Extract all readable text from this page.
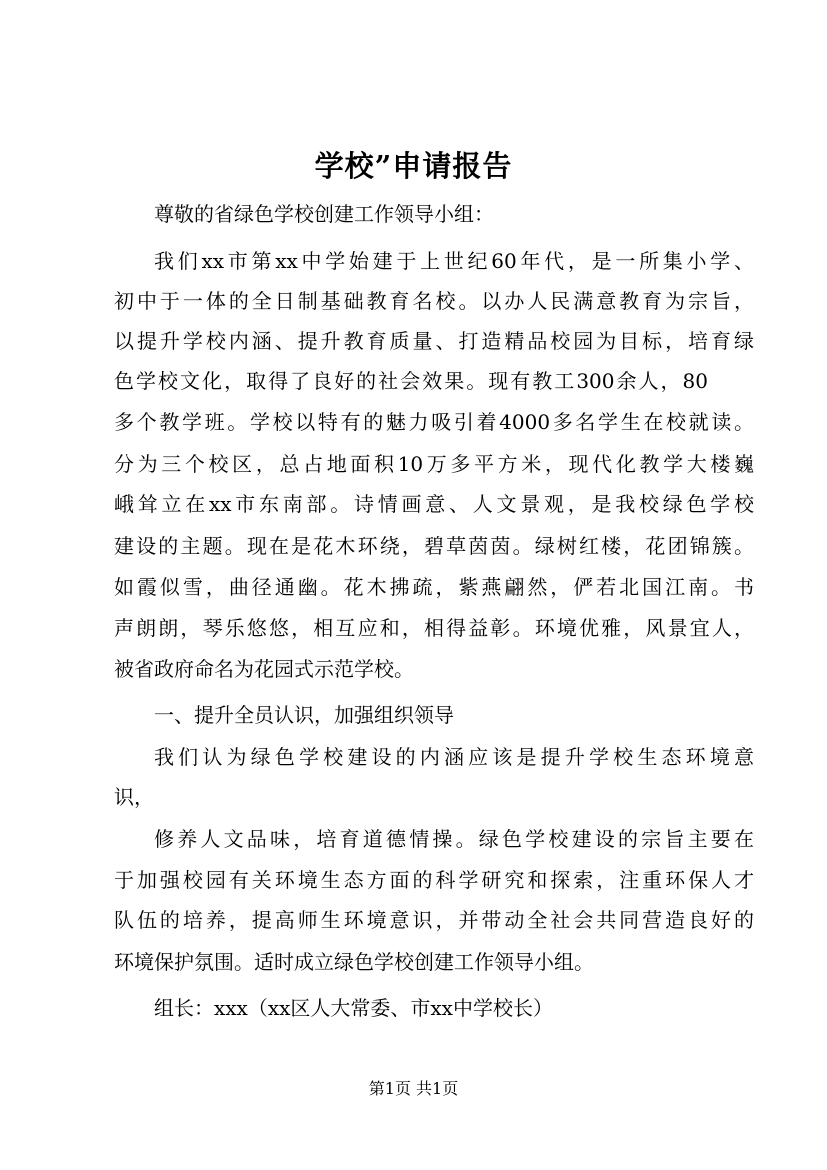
学校”申请报告
尊敬的省绿色学校创建工作领导小组：
我们xx市第xx中学始建于上世纪60年代，是一所集小学、
初中于一体的全日制基础教育名校。以办人民满意教育为宗旨，
以提升学校内涵、提升教育质量、打造精品校园为目标，培育绿
色学校文化，取得了良好的社会效果。现有教工300余人，80
多个教学班。学校以特有的魅力吸引着4000多名学生在校就读。
分为三个校区，总占地面积10万多平方米，现代化教学大楼巍
峨耸立在xx市东南部。诗情画意、人文景观，是我校绿色学校
建设的主题。现在是花木环绕，碧草茵茵。绿树红楼，花团锦簇。
如霞似雪，曲径通幽。花木拂疏，紫燕翩然，俨若北国江南。书
声朗朗，琴乐悠悠，相互应和，相得益彰。环境优雅，风景宜人，
被省政府命名为花园式示范学校。
一、提升全员认识，加强组织领导
我们认为绿色学校建设的内涵应该是提升学校生态环境意
识，
修养人文品味，培育道德情操。绿色学校建设的宗旨主要在
于加强校园有关环境生态方面的科学研究和探索，注重环保人才
队伍的培养，提高师生环境意识，并带动全社会共同营造良好的
环境保护氛围。适时成立绿色学校创建工作领导小组。
组长：xxx（xx区人大常委、市xx中学校长）
第1页 共1页
